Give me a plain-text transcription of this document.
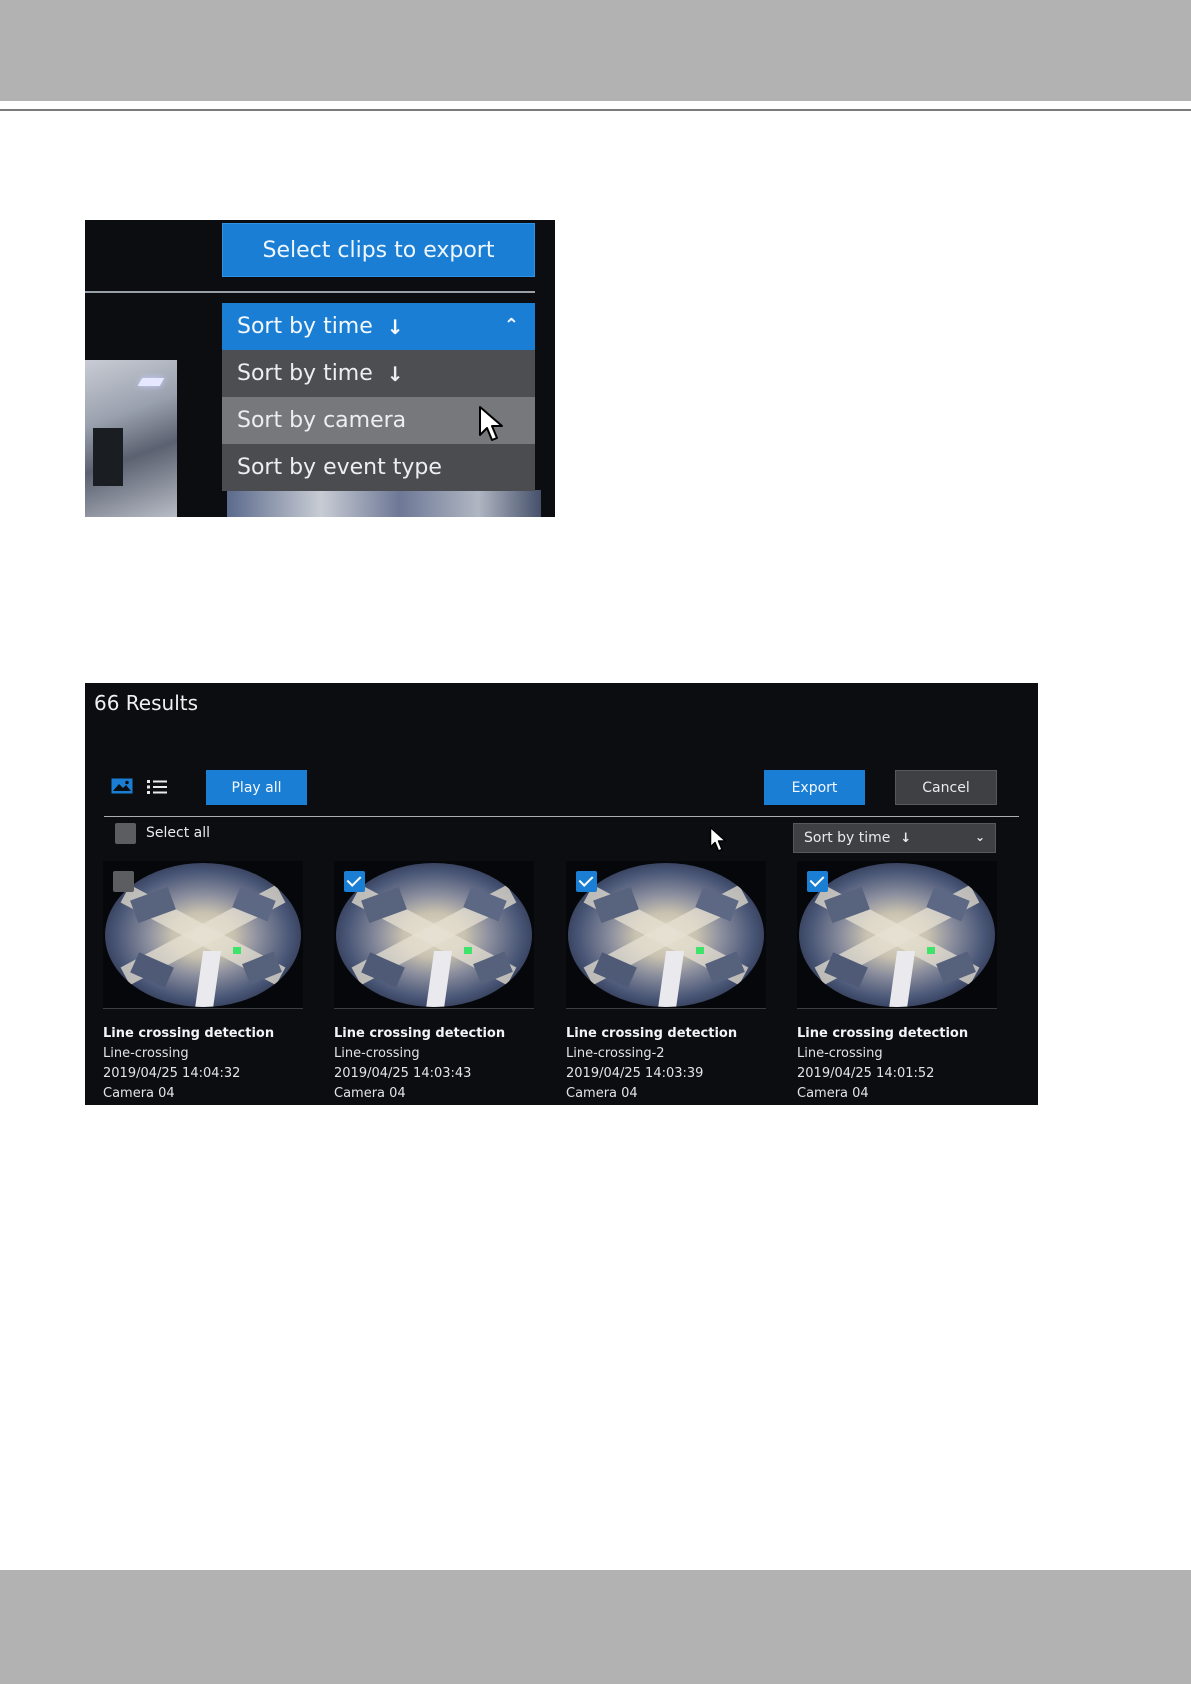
Select clips to export
Sort by time ↓	⌃
Sort by time ↓
Sort by camera
Sort by event type
66 Results
Play all	Export	Cancel
Select all	Sort by time ↓	⌄
Line crossing detection
Line-crossing
2019/04/25 14:04:32
Camera 04
Line crossing detection
Line-crossing
2019/04/25 14:03:43
Camera 04
Line crossing detection
Line-crossing-2
2019/04/25 14:03:39
Camera 04
Line crossing detection
Line-crossing
2019/04/25 14:01:52
Camera 04
